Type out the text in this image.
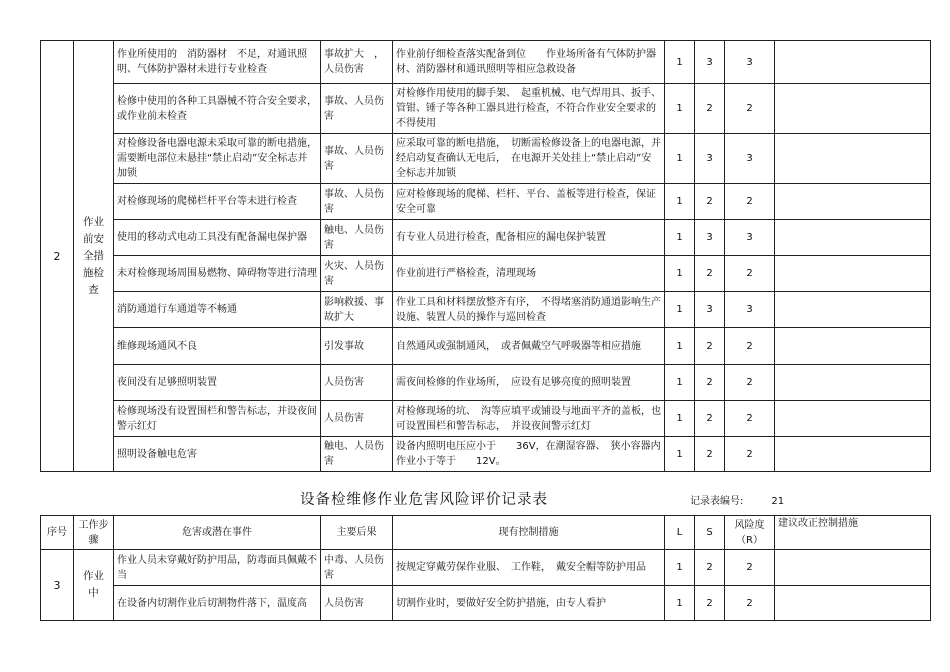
2	作业前安全措施检查	作业所使用的　消防器材　不足，对通讯照明、气体防护器材未进行专业检查	事故扩大　，人员伤害	作业前仔细检查落实配备到位　　作业场所备有气体防护器材、消防器材和通讯照明等相应急救设备	1	3	3	
		检修中使用的各种工具器械不符合安全要求，或作业前未检查	事故、人员伤害	对检修作用使用的脚手架、　起重机械、电气焊用具、扳手、管钳、锤子等各种工器具进行检查，不符合作业安全要求的不得使用	1	2	2	
		对检修设备电器电源未采取可靠的断电措施，需要断电部位未悬挂“禁止启动”安全标志并加锁	事故、人员伤害	应采取可靠的断电措施，　切断需检修设备上的电器电源，并经启动复查确认无电后，　在电源开关处挂上“禁止启动”安全标志并加锁	1	3	3	
		对检修现场的爬梯栏杆平台等未进行检查	事故、人员伤害	应对检修现场的爬梯、栏杆、平台、盖板等进行检查，保证安全可靠	1	2	2	
		使用的移动式电动工具没有配备漏电保护器	触电、人员伤害	有专业人员进行检查，配备相应的漏电保护装置	1	3	3	
		未对检修现场周围易燃物、障碍物等进行清理	火灾、人员伤害	作业前进行严格检查，清理现场	1	2	2	
		消防通道行车通道等不畅通	影响救援、事故扩大	作业工具和材料摆放整齐有序，　不得堵塞消防通道影响生产设施、装置人员的操作与巡回检查	1	3	3	
		维修现场通风不良	引发事故	自然通风或强制通风，　或者佩戴空气呼吸器等相应措施	1	2	2	
		夜间没有足够照明装置	人员伤害	需夜间检修的作业场所，　应设有足够亮度的照明装置	1	2	2	
		检修现场没有设置围栏和警告标志，并设夜间警示红灯	人员伤害	对检修现场的坑、　沟等应填平或铺设与地面平齐的盖板，也可设置围栏和警告标志，　并设夜间警示红灯	1	2	2	
		照明设备触电危害	触电、人员伤害	设备内照明电压应小于　　36V，在潮湿容器、　狭小容器内作业小于等于　　12V。	1	2	2	
设备检维修作业危害风险评价记录表	记录表编号:	21
序号	工作步骤	危害或潜在事件	主要后果	现有控制措施	L	S	风险度（R）	建议改正控制措施
3	作业中	作业人员未穿戴好防护用品，防毒面具佩戴不当	中毒、人员伤害	按规定穿戴劳保作业服、　工作鞋，　戴安全帽等防护用品	1	2	2	
		在设备内切割作业后切割物件落下，温度高	人员伤害	切割作业时，要做好安全防护措施，由专人看护	1	2	2	
